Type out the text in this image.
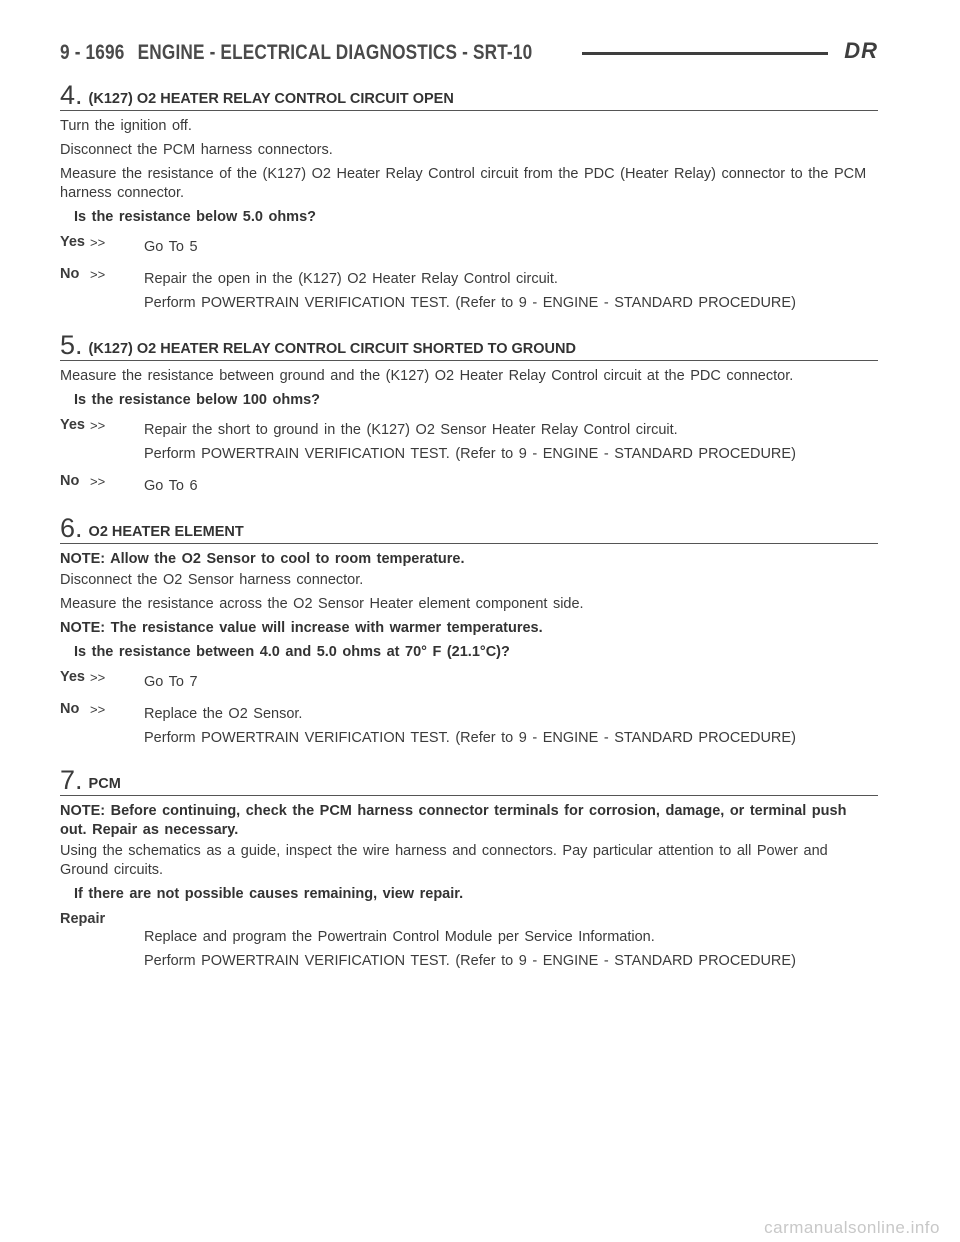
9 - 1696 ENGINE - ELECTRICAL DIAGNOSTICS - SRT-10	DR
4 . (K127) O2 HEATER RELAY CONTROL CIRCUIT OPEN

Turn the ignition off.

Disconnect the PCM harness connectors.

Measure the resistance of the (K127) O2 Heater Relay Control circuit from the PDC (Heater Relay) connector to the PCM harness connector.

Is the resistance below 5.0 ohms?

Yes >>	Go To 5

No >>	Repair the open in the (K127) O2 Heater Relay Control circuit.

Perform POWERTRAIN VERIFICATION TEST. (Refer to 9 - ENGINE - STANDARD PROCEDURE)

5 . (K127) O2 HEATER RELAY CONTROL CIRCUIT SHORTED TO GROUND

Measure the resistance between ground and the (K127) O2 Heater Relay Control circuit at the PDC connector.

Is the resistance below 100 ohms?

Yes >>	Repair the short to ground in the (K127) O2 Sensor Heater Relay Control circuit.

Perform POWERTRAIN VERIFICATION TEST. (Refer to 9 - ENGINE - STANDARD PROCEDURE)

No >>	Go To 6

6 . O2 HEATER ELEMENT

NOTE: Allow the O2 Sensor to cool to room temperature.

Disconnect the O2 Sensor harness connector.

Measure the resistance across the O2 Sensor Heater element component side.

NOTE: The resistance value will increase with warmer temperatures.

Is the resistance between 4.0 and 5.0 ohms at 70° F (21.1°C)?

Yes >>	Go To 7

No >>	Replace the O2 Sensor.

Perform POWERTRAIN VERIFICATION TEST. (Refer to 9 - ENGINE - STANDARD PROCEDURE)

7 . PCM

NOTE: Before continuing, check the PCM harness connector terminals for corrosion, damage, or terminal push out. Repair as necessary.

Using the schematics as a guide, inspect the wire harness and connectors. Pay particular attention to all Power and Ground circuits.

If there are not possible causes remaining, view repair.

Repair

Replace and program the Powertrain Control Module per Service Information.

Perform POWERTRAIN VERIFICATION TEST. (Refer to 9 - ENGINE - STANDARD PROCEDURE)

carmanualsonline.info
